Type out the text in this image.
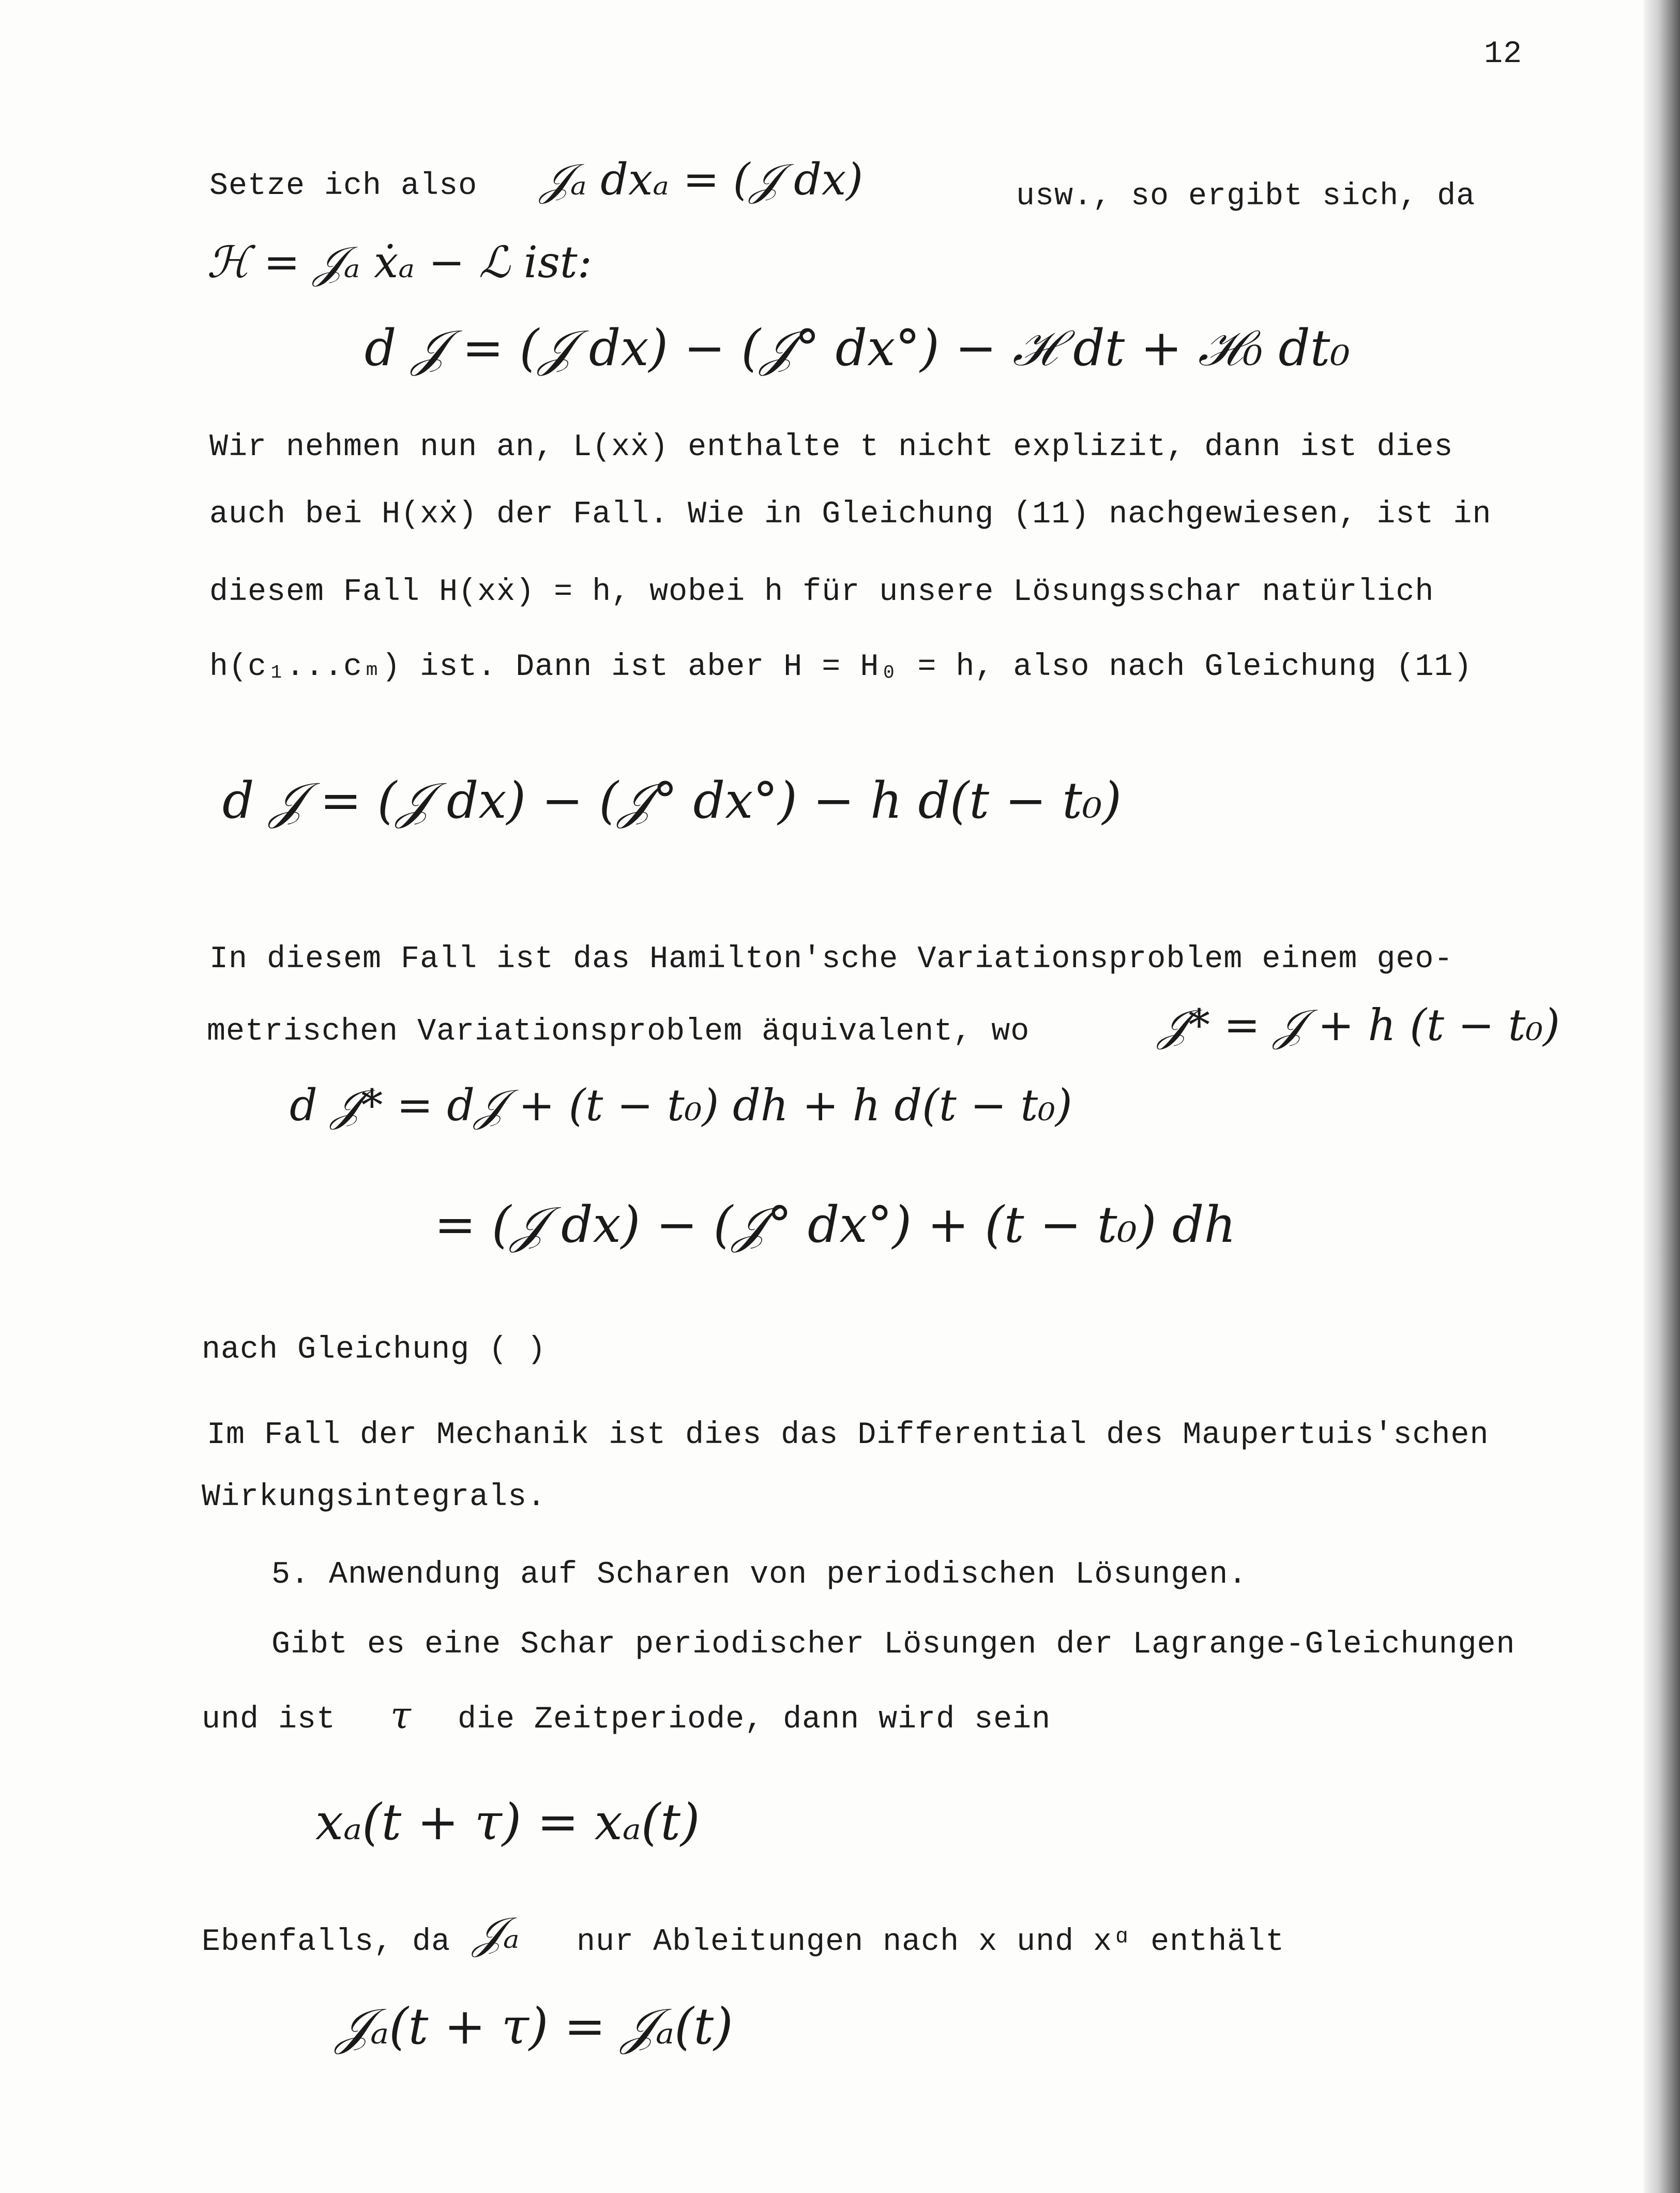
12
Setze ich also 𝒥ₐ dxₐ = (𝒥 dx)	usw., so ergibt sich, da
ℋ = 𝒥ₐ ẋₐ − ℒ ist:
d 𝒥 = (𝒥 dx) − (𝒥° dx°) − ℋ dt + ℋ₀ dt₀
Wir nehmen nun an, L(xẋ) enthalte t nicht explizit, dann ist dies
auch bei H(xẋ) der Fall. Wie in Gleichung (11) nachgewiesen, ist in
diesem Fall H(xẋ) = h, wobei h für unsere Lösungsschar natürlich
h(c₁...cₘ) ist. Dann ist aber H = H₀ = h, also nach Gleichung (11)
d 𝒥 = (𝒥 dx) − (𝒥° dx°) − h d(t − t₀)
In diesem Fall ist das Hamilton'sche Variationsproblem einem geo-
metrischen Variationsproblem äquivalent, wo	𝒥* = 𝒥 + h (t − t₀)
d 𝒥* = d𝒥 + (t − t₀) dh + h d(t − t₀)
= (𝒥 dx) − (𝒥° dx°) + (t − t₀) dh
nach Gleichung ( )
Im Fall der Mechanik ist dies das Differential des Maupertuis'schen
Wirkungsintegrals.
5. Anwendung auf Scharen von periodischen Lösungen.
Gibt es eine Schar periodischer Lösungen der Lagrange-Gleichungen
und ist τ die Zeitperiode, dann wird sein
xₐ(t + τ) = xₐ(t)
Ebenfalls, da 𝒥ₐ nur Ableitungen nach x und xᵅ enthält
𝒥ₐ(t + τ) = 𝒥ₐ(t)
